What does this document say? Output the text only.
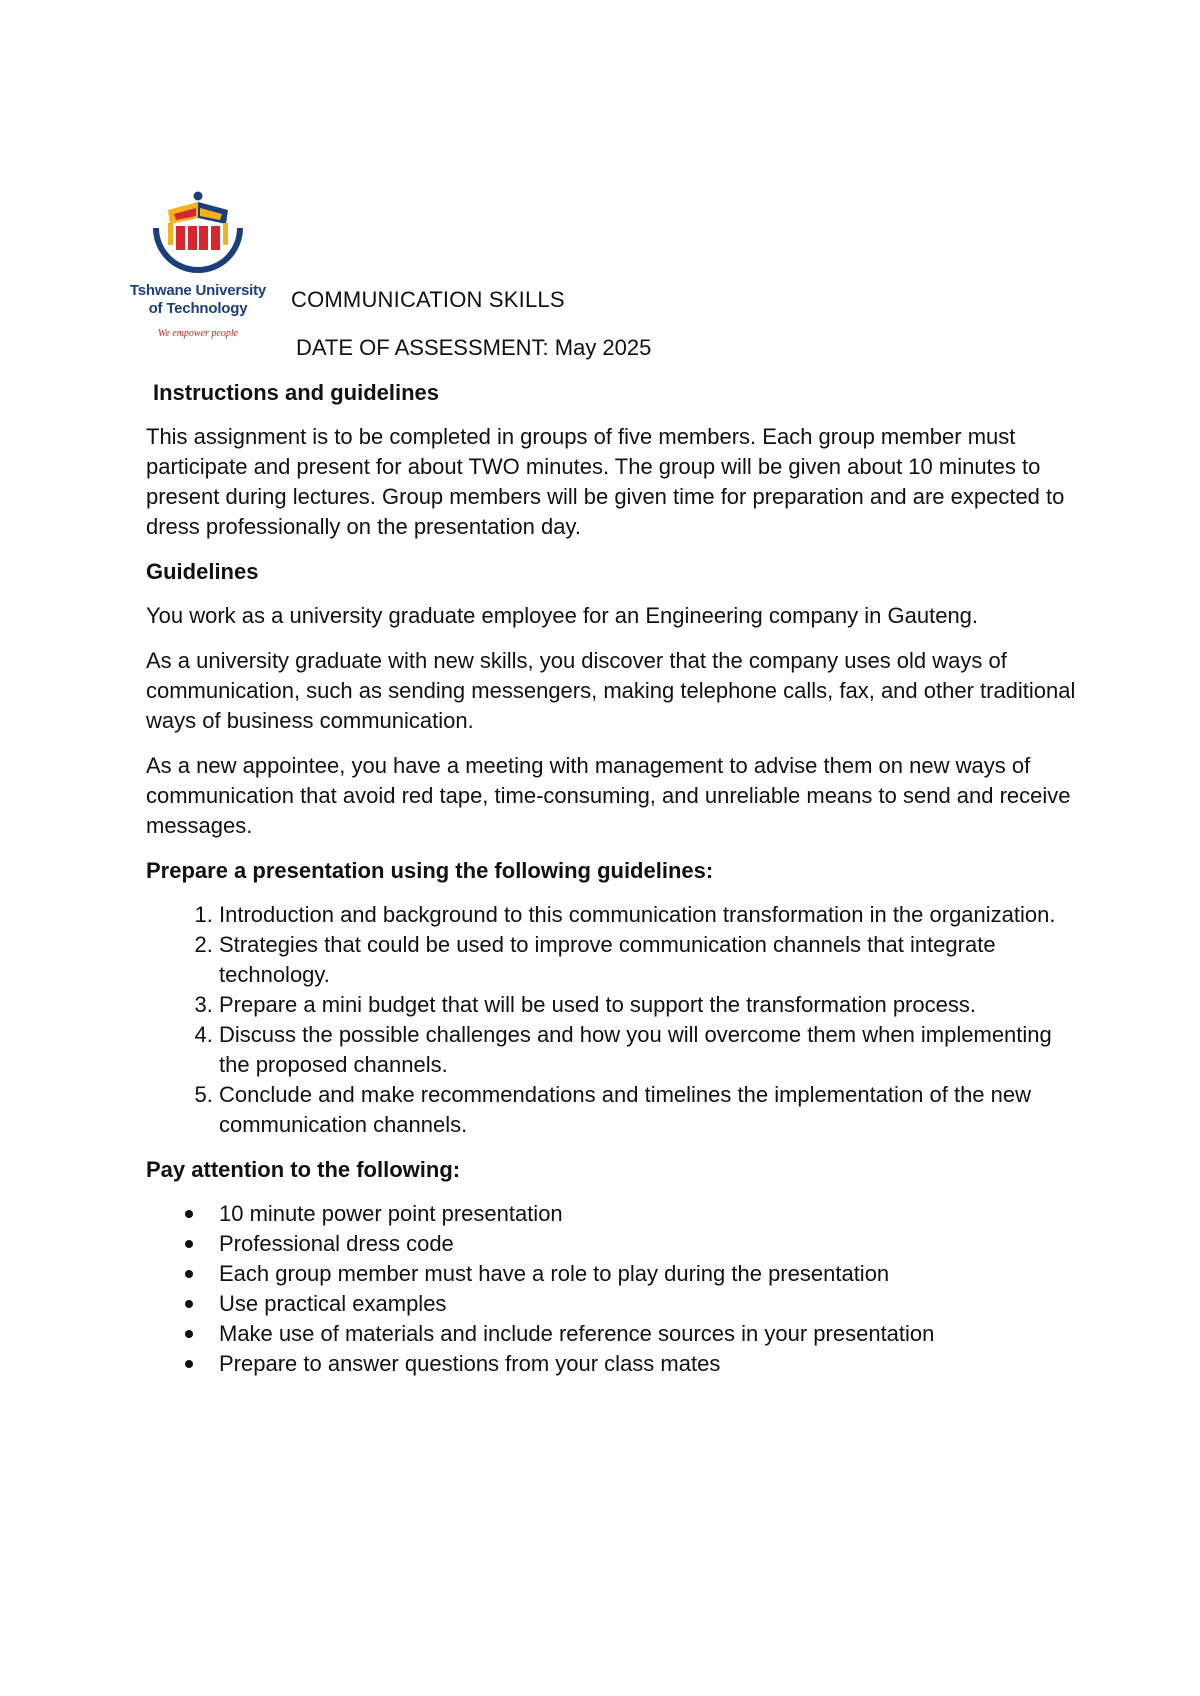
Tshwane University
of Technology
We empower people
COMMUNICATION SKILLS
DATE OF ASSESSMENT: May 2025
Instructions and guidelines

This assignment is to be completed in groups of five members. Each group member must participate and present for about TWO minutes. The group will be given about 10 minutes to present during lectures. Group members will be given time for preparation and are expected to dress professionally on the presentation day.

Guidelines

You work as a university graduate employee for an Engineering company in Gauteng.

As a university graduate with new skills, you discover that the company uses old ways of communication, such as sending messengers, making telephone calls, fax, and other traditional ways of business communication.

As a new appointee, you have a meeting with management to advise them on new ways of communication that avoid red tape, time-consuming, and unreliable means to send and receive messages.

Prepare a presentation using the following guidelines:
1. Introduction and background to this communication transformation in the organization.
2. Strategies that could be used to improve communication channels that integrate technology.
3. Prepare a mini budget that will be used to support the transformation process.
4. Discuss the possible challenges and how you will overcome them when implementing the proposed channels.
5. Conclude and make recommendations and timelines the implementation of the new communication channels.
Pay attention to the following:
10 minute power point presentation
Professional dress code
Each group member must have a role to play during the presentation
Use practical examples
Make use of materials and include reference sources in your presentation
Prepare to answer questions from your class mates
